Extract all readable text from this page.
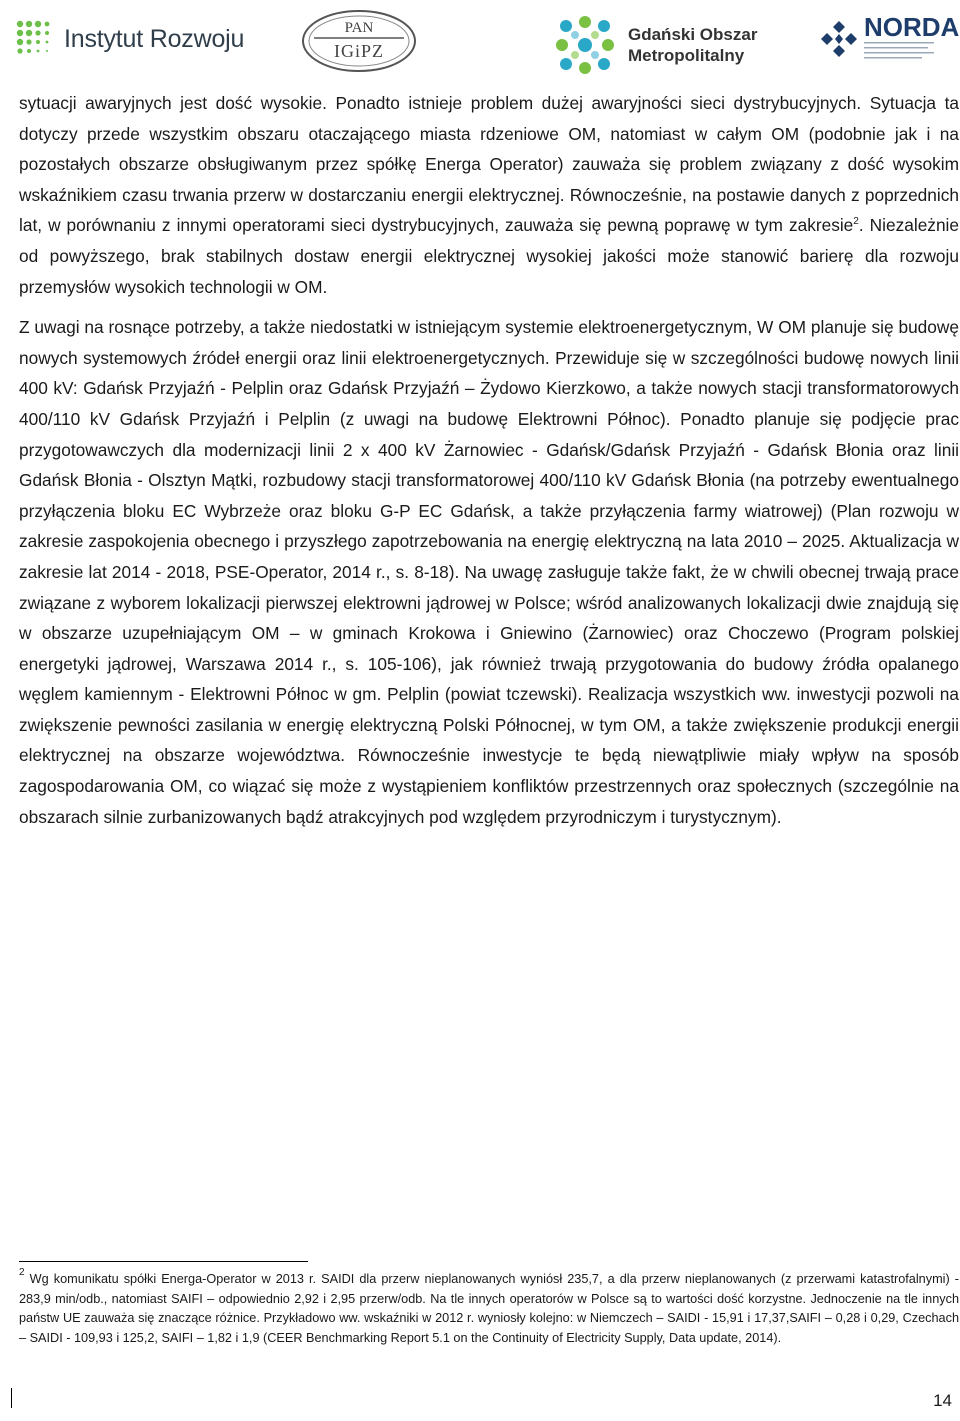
Instytut Rozwoju	PAN
IGiPZ
Gdański Obszar
Metropolitalny
NORDA

sytuacji awaryjnych jest dość wysokie. Ponadto istnieje problem dużej awaryjności sieci dystrybucyjnych. Sytuacja ta dotyczy przede wszystkim obszaru otaczającego miasta rdzeniowe OM, natomiast w całym OM (podobnie jak i na pozostałych obszarze obsługiwanym przez spółkę Energa Operator) zauważa się problem związany z dość wysokim wskaźnikiem czasu trwania przerw w dostarczaniu energii elektrycznej. Równocześnie, na postawie danych z poprzednich lat, w porównaniu z innymi operatorami sieci dystrybucyjnych, zauważa się pewną poprawę w tym zakresie$^2$. Niezależnie od powyższego, brak stabilnych dostaw energii elektrycznej wysokiej jakości może stanowić barierę dla rozwoju przemysłów wysokich technologii w OM.

Z uwagi na rosnące potrzeby, a także niedostatki w istniejącym systemie elektroenergetycznym, W OM planuje się budowę nowych systemowych źródeł energii oraz linii elektroenergetycznych. Przewiduje się w szczególności budowę nowych linii 400 kV: Gdańsk Przyjaźń - Pelplin oraz Gdańsk Przyjaźń – Żydowo Kierzkowo, a także nowych stacji transformatorowych 400/110 kV Gdańsk Przyjaźń i Pelplin (z uwagi na budowę Elektrowni Północ). Ponadto planuje się podjęcie prac przygotowawczych dla modernizacji linii 2 x 400 kV Żarnowiec - Gdańsk/Gdańsk Przyjaźń - Gdańsk Błonia oraz linii Gdańsk Błonia - Olsztyn Mątki, rozbudowy stacji transformatorowej 400/110 kV Gdańsk Błonia (na potrzeby ewentualnego przyłączenia bloku EC Wybrzeże oraz bloku G-P EC Gdańsk, a także przyłączenia farmy wiatrowej) (Plan rozwoju w zakresie zaspokojenia obecnego i przyszłego zapotrzebowania na energię elektryczną na lata 2010 – 2025. Aktualizacja w zakresie lat 2014 - 2018, PSE-Operator, 2014 r., s. 8-18). Na uwagę zasługuje także fakt, że w chwili obecnej trwają prace związane z wyborem lokalizacji pierwszej elektrowni jądrowej w Polsce; wśród analizowanych lokalizacji dwie znajdują się w obszarze uzupełniającym OM – w gminach Krokowa i Gniewino (Żarnowiec) oraz Choczewo (Program polskiej energetyki jądrowej, Warszawa 2014 r., s. 105-106), jak również trwają przygotowania do budowy źródła opalanego węglem kamiennym - Elektrowni Północ w gm. Pelplin (powiat tczewski). Realizacja wszystkich ww. inwestycji pozwoli na zwiększenie pewności zasilania w energię elektryczną Polski Północnej, w tym OM, a także zwiększenie produkcji energii elektrycznej na obszarze województwa. Równocześnie inwestycje te będą niewątpliwie miały wpływ na sposób zagospodarowania OM, co wiązać się może z wystąpieniem konfliktów przestrzennych oraz społecznych (szczególnie na obszarach silnie zurbanizowanych bądź atrakcyjnych pod względem przyrodniczym i turystycznym).

$^2$ Wg komunikatu spółki Energa-Operator w 2013 r. SAIDI dla przerw nieplanowanych wyniósł 235,7, a dla przerw nieplanowanych (z przerwami katastrofalnymi) - 283,9 min/odb., natomiast SAIFI – odpowiednio 2,92 i 2,95 przerw/odb. Na tle innych operatorów w Polsce są to wartości dość korzystne. Jednoczenie na tle innych państw UE zauważa się znaczące różnice. Przykładowo ww. wskaźniki w 2012 r. wyniosły kolejno: w Niemczech – SAIDI - 15,91 i 17,37,SAIFI – 0,28 i 0,29, Czechach – SAIDI - 109,93 i 125,2, SAIFI – 1,82 i 1,9 (CEER Benchmarking Report 5.1 on the Continuity of Electricity Supply, Data update, 2014).

14
